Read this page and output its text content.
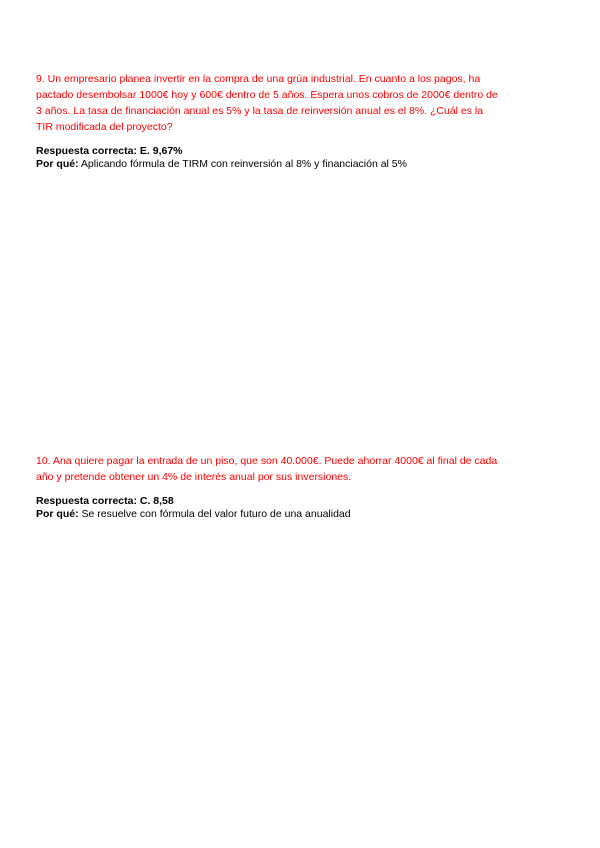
9. Un empresario planea invertir en la compra de una grúa industrial. En cuanto a los pagos, ha
pactado desembolsar 1000€ hoy y 600€ dentro de 5 años. Espera unos cobros de 2000€ dentro de
3 años. La tasa de financiación anual es 5% y la tasa de reinversión anual es el 8%. ¿Cuál es la
TIR modificada del proyecto?

Respuesta correcta: E. 9,67%

Por qué: Aplicando fórmula de TIRM con reinversión al 8% y financiación al 5%

10. Ana quiere pagar la entrada de un piso, que son 40.000€. Puede ahorrar 4000€ al final de cada
año y pretende obtener un 4% de interés anual por sus inversiones.

Respuesta correcta: C. 8,58

Por qué: Se resuelve con fórmula del valor futuro de una anualidad
